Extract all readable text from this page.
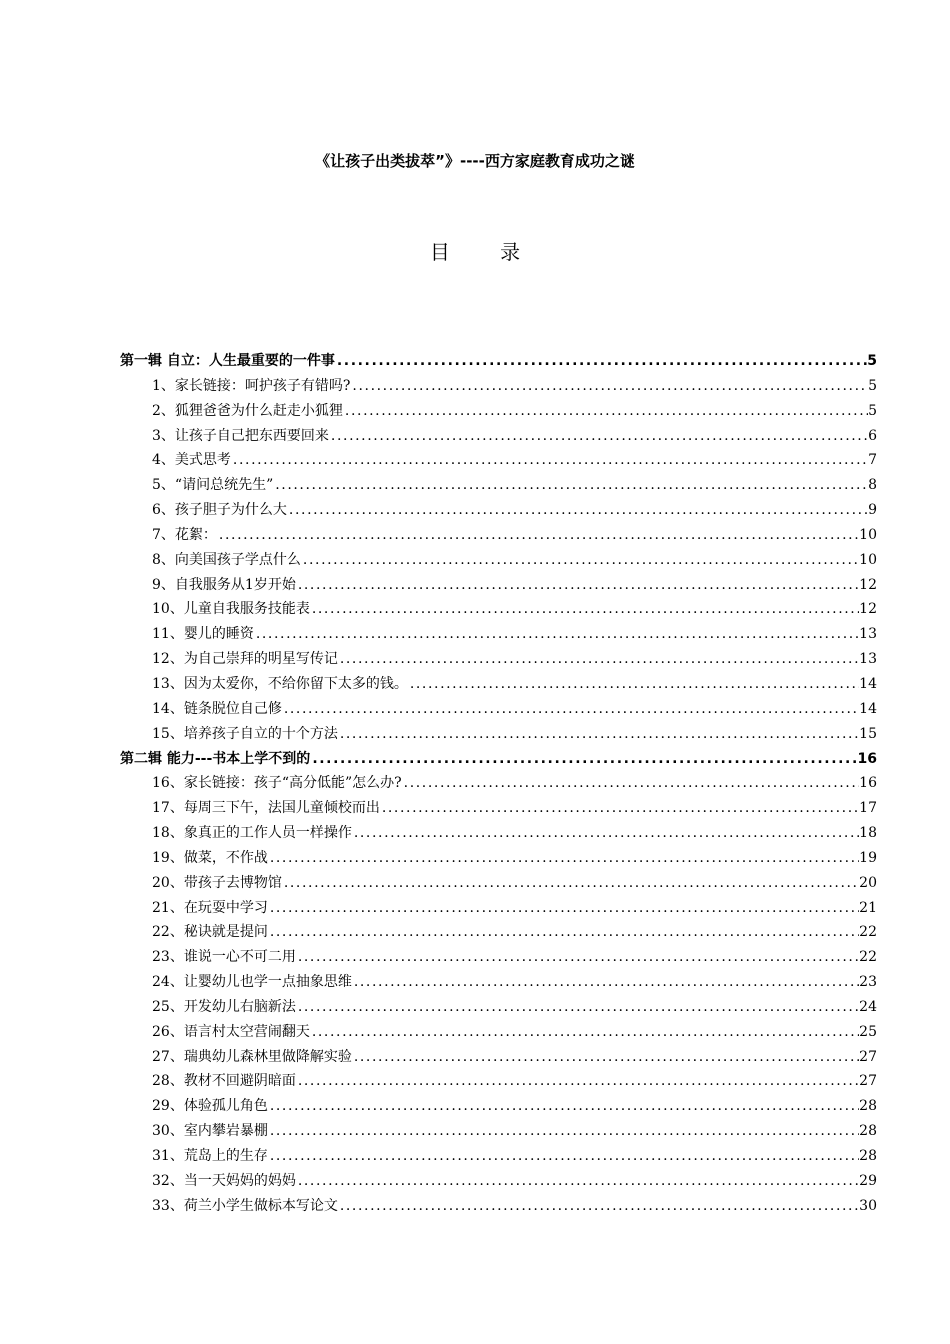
《让孩子出类拔萃”》----西方家庭教育成功之谜
目 录
第一辑 自立：人生最重要的一件事 .....	5
1、家长链接：呵护孩子有错吗? .....	5
2、狐狸爸爸为什么赶走小狐狸 .....	5
3、让孩子自己把东西要回来 .....	6
4、美式思考 .....	7
5、“请问总统先生” .....	8
6、孩子胆子为什么大 .....	9
7、花絮： .....	10
8、向美国孩子学点什么 .....	10
9、自我服务从1岁开始 .....	12
10、儿童自我服务技能表 .....	12
11、婴儿的睡资 .....	13
12、为自己崇拜的明星写传记 .....	13
13、因为太爱你，不给你留下太多的钱。 .....	14
14、链条脱位自己修 .....	14
15、培养孩子自立的十个方法 .....	15
第二辑 能力---书本上学不到的 .....	16
16、家长链接：孩子“高分低能”怎么办? .....	16
17、每周三下午，法国儿童倾校而出 .....	17
18、象真正的工作人员一样操作 .....	18
19、做菜，不作战 .....	19
20、带孩子去博物馆 .....	20
21、在玩耍中学习 .....	21
22、秘诀就是提问 .....	22
23、谁说一心不可二用 .....	22
24、让婴幼儿也学一点抽象思维 .....	23
25、开发幼儿右脑新法 .....	24
26、语言村太空营闹翻天 .....	25
27、瑞典幼儿森林里做降解实验 .....	27
28、教材不回避阴暗面 .....	27
29、体验孤儿角色 .....	28
30、室内攀岩暴棚 .....	28
31、荒岛上的生存 .....	28
32、当一天妈妈的妈妈 .....	29
33、荷兰小学生做标本写论文 .....	30
